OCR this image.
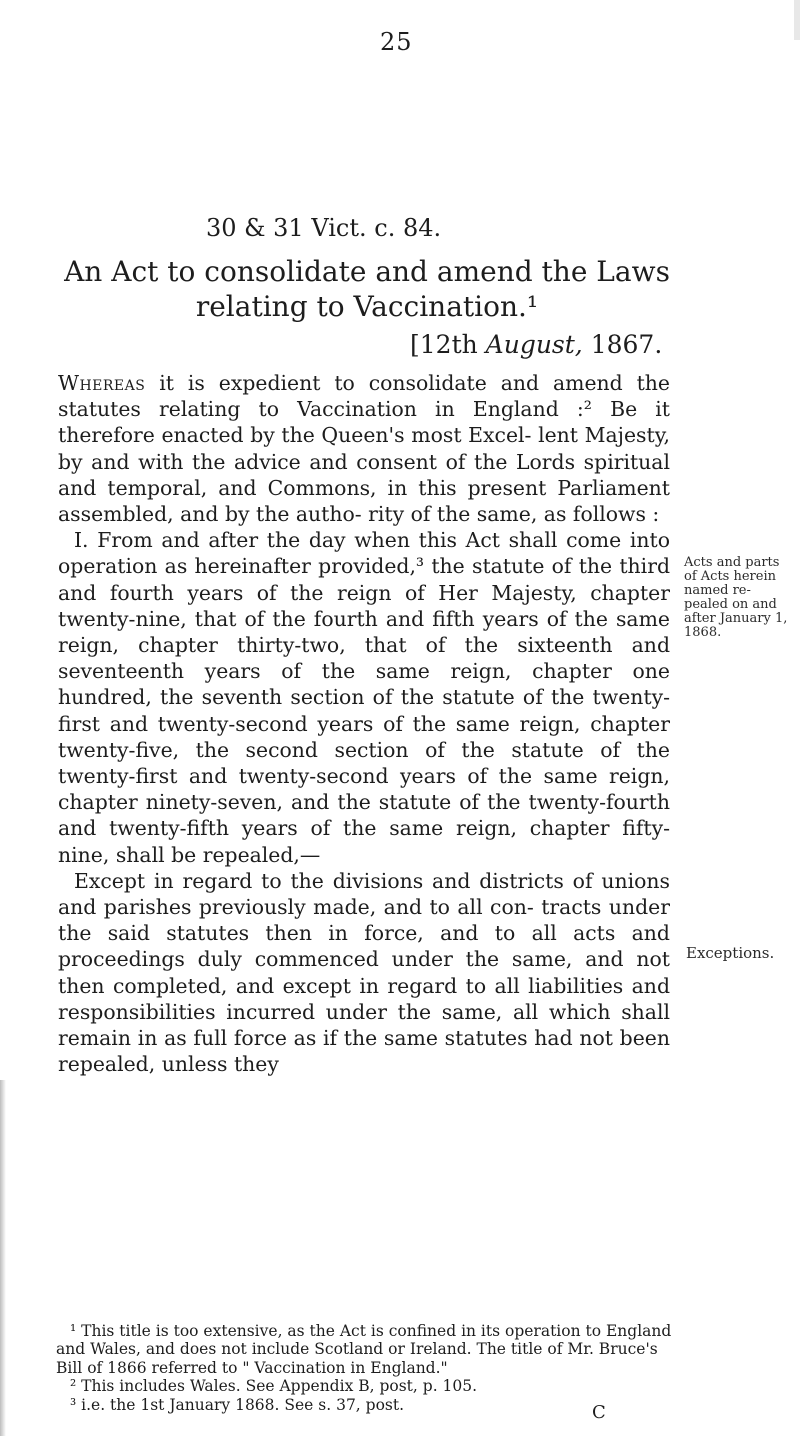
25
30 & 31 Vict. c. 84.
An Act to consolidate and amend the Laws relating to Vaccination.¹
[12th August, 1867.

Whereas it is expedient to consolidate and amend the statutes relating to Vaccination in England :² Be it therefore enacted by the Queen's most Excel- lent Majesty, by and with the advice and consent of the Lords spiritual and temporal, and Commons, in this present Parliament assembled, and by the autho- rity of the same, as follows :

I. From and after the day when this Act shall come into operation as hereinafter provided,³ the statute of the third and fourth years of the reign of Her Majesty, chapter twenty-nine, that of the fourth and fifth years of the same reign, chapter thirty-two, that of the sixteenth and seventeenth years of the same reign, chapter one hundred, the seventh section of the statute of the twenty-first and twenty-second years of the same reign, chapter twenty-five, the second section of the statute of the twenty-first and twenty-second years of the same reign, chapter ninety-seven, and the statute of the twenty-fourth and twenty-fifth years of the same reign, chapter fifty-nine, shall be repealed,—

Except in regard to the divisions and districts of unions and parishes previously made, and to all con- tracts under the said statutes then in force, and to all acts and proceedings duly commenced under the same, and not then completed, and except in regard to all liabilities and responsibilities incurred under the same, all which shall remain in as full force as if the same statutes had not been repealed, unless they

Acts and parts of Acts herein named re- pealed on and after January 1, 1868.
Exceptions.

¹ This title is too extensive, as the Act is confined in its operation to England and Wales, and does not include Scotland or Ireland. The title of Mr. Bruce's Bill of 1866 referred to " Vaccination in England."

² This includes Wales. See Appendix B, post, p. 105.

³ i.e. the 1st January 1868. See s. 37, post.	C
